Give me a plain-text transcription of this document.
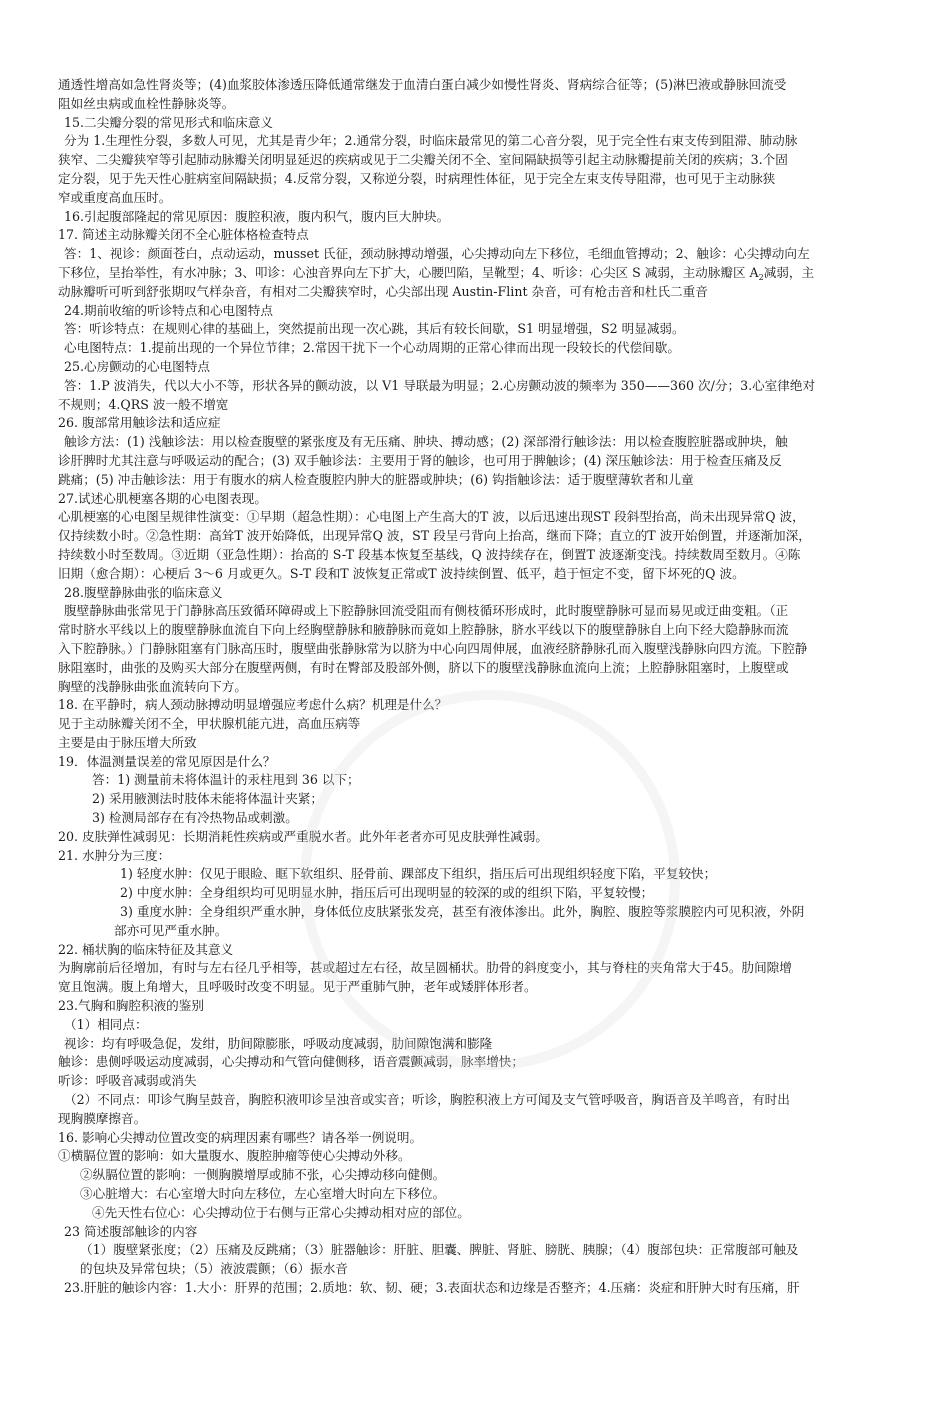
通透性增高如急性肾炎等；(4)血浆胶体渗透压降低通常继发于血清白蛋白减少如慢性肾炎、肾病综合征等；(5)淋巴液或静脉回流受
阻如丝虫病或血栓性静脉炎等。
15.二尖瓣分裂的常见形式和临床意义
分为 1.生理性分裂，多数人可见，尤其是青少年；2.通常分裂，时临床最常见的第二心音分裂，见于完全性右束支传到阻滞、肺动脉
狭窄、二尖瓣狭窄等引起肺动脉瓣关闭明显延迟的疾病或见于二尖瓣关闭不全、室间隔缺损等引起主动脉瓣提前关闭的疾病；3.个固
定分裂，见于先天性心脏病室间隔缺损；4.反常分裂，又称逆分裂，时病理性体征，见于完全左束支传导阻滞，也可见于主动脉狭
窄或重度高血压时。
16.引起腹部隆起的常见原因：腹腔积液，腹内积气，腹内巨大肿块。
17. 简述主动脉瓣关闭不全心脏体格检查特点
答：1、视诊：颜面苍白，点动运动，musset 氏征，颈动脉搏动增强，心尖搏动向左下移位，毛细血管搏动；2、触诊：心尖搏动向左
下移位，呈抬举性，有水冲脉；3、叩诊：心浊音界向左下扩大，心腰凹陷，呈靴型；4、听诊：心尖区 S 减弱，主动脉瓣区 $A_2$减弱，主
动脉瓣听可听到舒张期叹气样杂音，有相对二尖瓣狭窄时，心尖部出现 Austin-Flint 杂音，可有枪击音和杜氏二重音
24.期前收缩的听诊特点和心电图特点
答：听诊特点：在规则心律的基础上，突然提前出现一次心跳，其后有较长间歇，S1 明显增强，S2 明显减弱。
心电图特点：1.提前出现的一个异位节律；2.常因干扰下一个心动周期的正常心律而出现一段较长的代偿间歇。
25.心房颤动的心电图特点
答：1.P 波消失，代以大小不等，形状各异的颤动波，以 V1 导联最为明显；2.心房颤动波的频率为 350——360 次/分；3.心室律绝对
不规则；4.QRS 波一般不增宽
26. 腹部常用触诊法和适应症
触诊方法：(1) 浅触诊法：用以检查腹壁的紧张度及有无压痛、肿块、搏动感；(2) 深部滑行触诊法：用以检查腹腔脏器或肿块，触
诊肝脾时尤其注意与呼吸运动的配合；(3) 双手触诊法：主要用于肾的触诊，也可用于脾触诊；(4) 深压触诊法：用于检查压痛及反
跳痛；(5) 冲击触诊法：用于有腹水的病人检查腹腔内肿大的脏器或肿块；(6) 钩指触诊法：适于腹壁薄软者和儿童
27.试述心肌梗塞各期的心电图表现。
心肌梗塞的心电图呈规律性演变：①早期（超急性期）：心电图上产生高大的T 波，以后迅速出现ST 段斜型抬高，尚未出现异常Q 波，
仅持续数小时。②急性期：高耸T 波开始降低，出现异常Q 波，ST 段呈弓背向上抬高，继而下降；直立的T 波开始倒置，并逐渐加深，
持续数小时至数周。③近期（亚急性期）：抬高的 S-T 段基本恢复至基线，Q 波持续存在，倒置T 波逐渐变浅。持续数周至数月。④陈
旧期（愈合期）：心梗后 3～6 月或更久。S-T 段和T 波恢复正常或T 波持续倒置、低平，趋于恒定不变，留下坏死的Q 波。
28.腹壁静脉曲张的临床意义
腹壁静脉曲张常见于门静脉高压致循环障碍或上下腔静脉回流受阻而有侧枝循环形成时，此时腹壁静脉可显而易见或迂曲变粗。（正
常时脐水平线以上的腹壁静脉血流自下向上经胸壁静脉和腋静脉而竟如上腔静脉，脐水平线以下的腹壁静脉自上向下经大隐静脉而流
入下腔静脉。）门静脉阻塞有门脉高压时，腹壁曲张静脉常为以脐为中心向四周伸展，血液经脐静脉孔而入腹壁浅静脉向四方流。下腔静
脉阻塞时，曲张的及购买大部分在腹壁两侧，有时在臀部及股部外侧，脐以下的腹壁浅静脉血流向上流；上腔静脉阻塞时，上腹壁或
胸壁的浅静脉曲张血流转向下方。
18. 在平静时，病人颈动脉搏动明显增强应考虑什么病？机理是什么？
见于主动脉瓣关闭不全，甲状腺机能亢进，高血压病等
主要是由于脉压增大所致
19．体温测量误差的常见原因是什么？
答：1) 测量前未将体温计的汞柱甩到 36 以下；
2) 采用腋测法时肢体未能将体温计夹紧；
3) 检测局部存在有冷热物品或刺激。
20. 皮肤弹性减弱见：长期消耗性疾病或严重脱水者。此外年老者亦可见皮肤弹性减弱。
21. 水肿分为三度：
1) 轻度水肿：仅见于眼睑、眶下软组织、胫骨前、踝部皮下组织，指压后可出现组织轻度下陷，平复较快；
2) 中度水肿：全身组织均可见明显水肿，指压后可出现明显的较深的或的组织下陷，平复较慢；
3) 重度水肿：全身组织严重水肿，身体低位皮肤紧张发亮，甚至有液体渗出。此外，胸腔、腹腔等浆膜腔内可见积液，外阴
部亦可见严重水肿。
22. 桶状胸的临床特征及其意义
为胸廓前后径增加，有时与左右径几乎相等，甚或超过左右径，故呈圆桶状。肋骨的斜度变小，其与脊柱的夹角常大于45。肋间隙增
宽且饱满。腹上角增大，且呼吸时改变不明显。见于严重肺气肿，老年或矮胖体形者。
23.气胸和胸腔积液的鉴别
（1）相同点：
视诊：均有呼吸急促，发绀，肋间隙膨胀，呼吸动度减弱，肋间隙饱满和膨隆
触诊：患侧呼吸运动度减弱，心尖搏动和气管向健侧移，语音震颤减弱，脉率增快；
听诊：呼吸音减弱或消失
（2）不同点：叩诊气胸呈鼓音，胸腔积液叩诊呈浊音或实音；听诊，胸腔积液上方可闻及支气管呼吸音，胸语音及羊鸣音，有时出
现胸膜摩擦音。
16. 影响心尖搏动位置改变的病理因素有哪些？请各举一例说明。
①横膈位置的影响：如大量腹水、腹腔肿瘤等使心尖搏动外移。
②纵膈位置的影响：一侧胸膜增厚或肺不张，心尖搏动移向健侧。
③心脏增大：右心室增大时向左移位，左心室增大时向左下移位。
④先天性右位心：心尖搏动位于右侧与正常心尖搏动相对应的部位。
23 简述腹部触诊的内容
（1）腹壁紧张度；（2）压痛及反跳痛；（3）脏器触诊：肝脏、胆囊、脾脏、肾脏、膀胱、胰腺；（4）腹部包块：正常腹部可触及
的包块及异常包块；（5）液波震颤；（6）振水音
23.肝脏的触诊内容：1.大小：肝界的范围；2.质地：软、韧、硬；3.表面状态和边缘是否整齐；4.压痛：炎症和肝肿大时有压痛，肝
